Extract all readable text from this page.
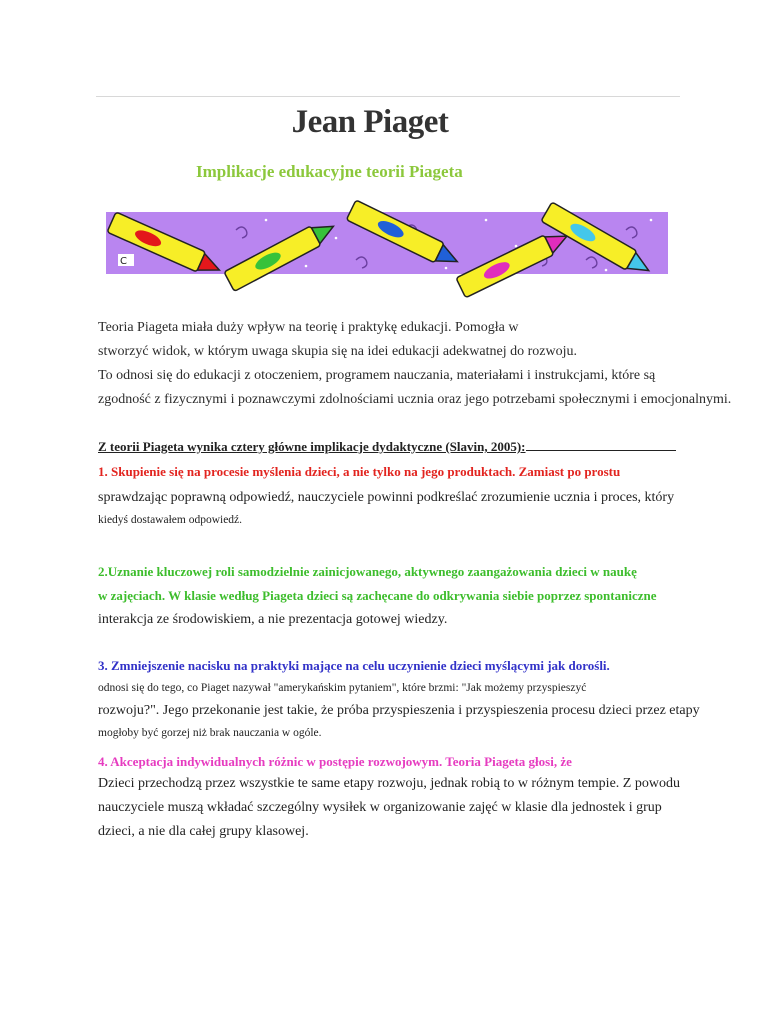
Jean Piaget
Implikacje edukacyjne teorii Piageta
C
Teoria Piageta miała duży wpływ na teorię i praktykę edukacji. Pomogła w
stworzyć widok, w którym uwaga skupia się na idei edukacji adekwatnej do rozwoju.
To odnosi się do edukacji z otoczeniem, programem nauczania, materiałami i instrukcjami, które są
zgodność z fizycznymi i poznawczymi zdolnościami ucznia oraz jego potrzebami społecznymi i emocjonalnymi.
Z teorii Piageta wynika cztery główne implikacje dydaktyczne (Slavin, 2005):
1. Skupienie się na procesie myślenia dzieci, a nie tylko na jego produktach. Zamiast po prostu
sprawdzając poprawną odpowiedź, nauczyciele powinni podkreślać zrozumienie ucznia i proces, który
kiedyś dostawałem odpowiedź.
2.Uznanie kluczowej roli samodzielnie zainicjowanego, aktywnego zaangażowania dzieci w naukę
w zajęciach. W klasie według Piageta dzieci są zachęcane do odkrywania siebie poprzez spontaniczne
interakcja ze środowiskiem, a nie prezentacja gotowej wiedzy.
3. Zmniejszenie nacisku na praktyki mające na celu uczynienie dzieci myślącymi jak dorośli.
odnosi się do tego, co Piaget nazywał "amerykańskim pytaniem", które brzmi: "Jak możemy przyspieszyć
rozwoju?". Jego przekonanie jest takie, że próba przyspieszenia i przyspieszenia procesu dzieci przez etapy
mogłoby być gorzej niż brak nauczania w ogóle.
4. Akceptacja indywidualnych różnic w postępie rozwojowym. Teoria Piageta głosi, że
Dzieci przechodzą przez wszystkie te same etapy rozwoju, jednak robią to w różnym tempie. Z powodu
nauczyciele muszą wkładać szczególny wysiłek w organizowanie zajęć w klasie dla jednostek i grup
dzieci, a nie dla całej grupy klasowej.
